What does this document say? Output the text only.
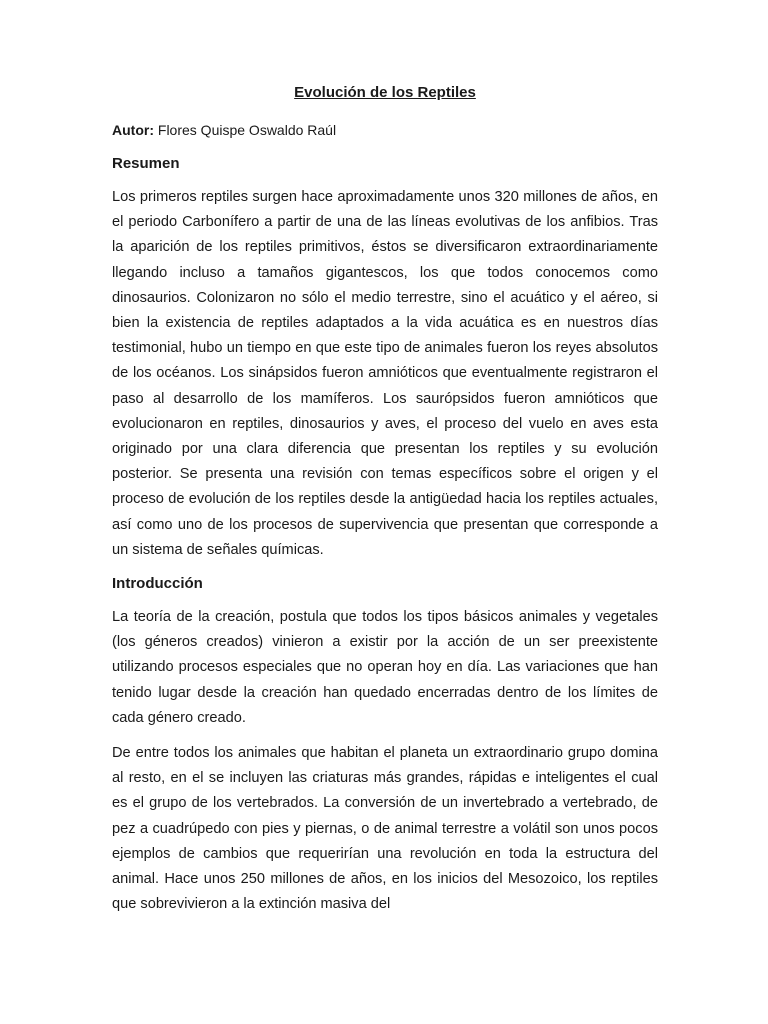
Evolución de los Reptiles
Autor: Flores Quispe Oswaldo Raúl
Resumen

Los primeros reptiles surgen hace aproximadamente unos 320 millones de años, en el periodo Carbonífero a partir de una de las líneas evolutivas de los anfibios. Tras la aparición de los reptiles primitivos, éstos se diversificaron extraordinariamente llegando incluso a tamaños gigantescos, los que todos conocemos como dinosaurios. Colonizaron no sólo el medio terrestre, sino el acuático y el aéreo, si bien la existencia de reptiles adaptados a la vida acuática es en nuestros días testimonial, hubo un tiempo en que este tipo de animales fueron los reyes absolutos de los océanos. Los sinápsidos fueron amnióticos que eventualmente registraron el paso al desarrollo de los mamíferos. Los saurópsidos fueron amnióticos que evolucionaron en reptiles, dinosaurios y aves, el proceso del vuelo en aves esta originado por una clara diferencia que presentan los reptiles y su evolución posterior. Se presenta una revisión con temas específicos sobre el origen y el proceso de evolución de los reptiles desde la antigüedad hacia los reptiles actuales, así como uno de los procesos de supervivencia que presentan que corresponde a un sistema de señales químicas.

Introducción

La teoría de la creación, postula que todos los tipos básicos animales y vegetales (los géneros creados) vinieron a existir por la acción de un ser preexistente utilizando procesos especiales que no operan hoy en día. Las variaciones que han tenido lugar desde la creación han quedado encerradas dentro de los límites de cada género creado.

De entre todos los animales que habitan el planeta un extraordinario grupo domina al resto, en el se incluyen las criaturas más grandes, rápidas e inteligentes el cual es el grupo de los vertebrados. La conversión de un invertebrado a vertebrado, de pez a cuadrúpedo con pies y piernas, o de animal terrestre a volátil son unos pocos ejemplos de cambios que requerirían una revolución en toda la estructura del animal. Hace unos 250 millones de años, en los inicios del Mesozoico, los reptiles que sobrevivieron a la extinción masiva del
